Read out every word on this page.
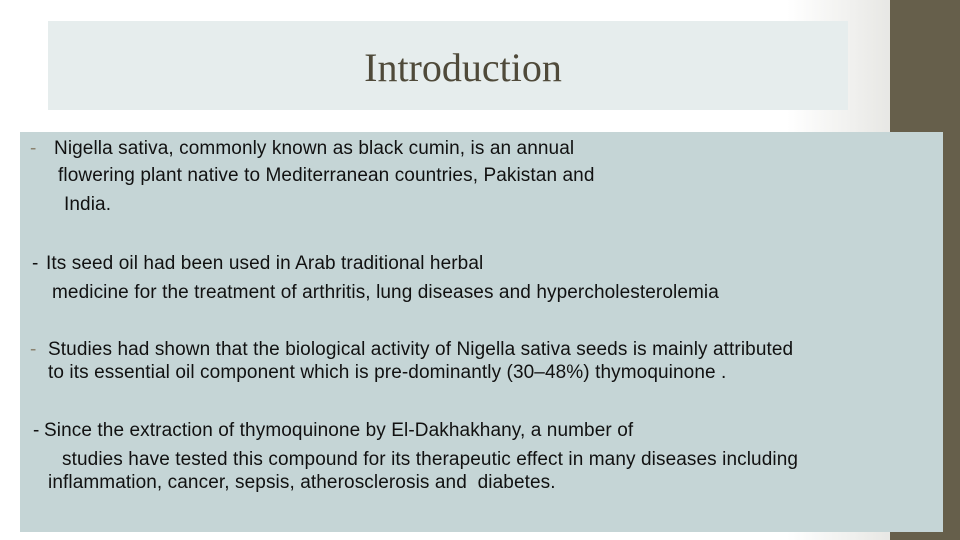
Introduction
- Nigella sativa, commonly known as black cumin, is an annual
flowering plant native to Mediterranean countries, Pakistan and
India.
- Its seed oil had been used in Arab traditional herbal
medicine for the treatment of arthritis, lung diseases and hypercholesterolemia
- Studies had shown that the biological activity of Nigella sativa seeds is mainly attributed
to its essential oil component which is pre-dominantly (30–48%) thymoquinone .
- Since the extraction of thymoquinone by El-Dakhakhany, a number of
studies have tested this compound for its therapeutic effect in many diseases including
inflammation, cancer, sepsis, atherosclerosis and  diabetes.
